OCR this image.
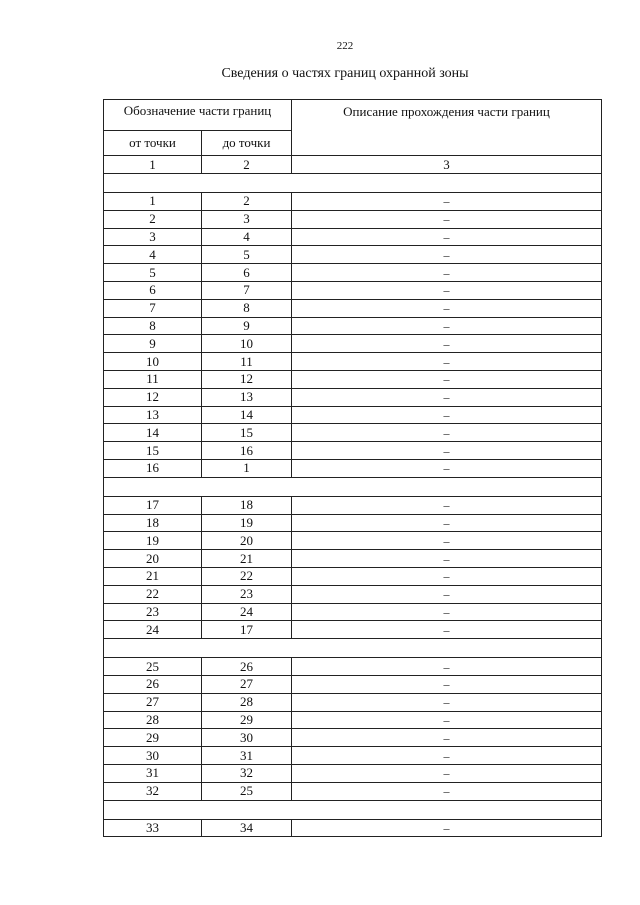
222
Сведения о частях границ охранной зоны
Обозначение части границ		Описание прохождения части границ
от точки	до точки	
1	2	3

1	2	–
2	3	–
3	4	–
4	5	–
5	6	–
6	7	–
7	8	–
8	9	–
9	10	–
10	11	–
11	12	–
12	13	–
13	14	–
14	15	–
15	16	–
16	1	–

17	18	–
18	19	–
19	20	–
20	21	–
21	22	–
22	23	–
23	24	–
24	17	–

25	26	–
26	27	–
27	28	–
28	29	–
29	30	–
30	31	–
31	32	–
32	25	–

33	34	–
